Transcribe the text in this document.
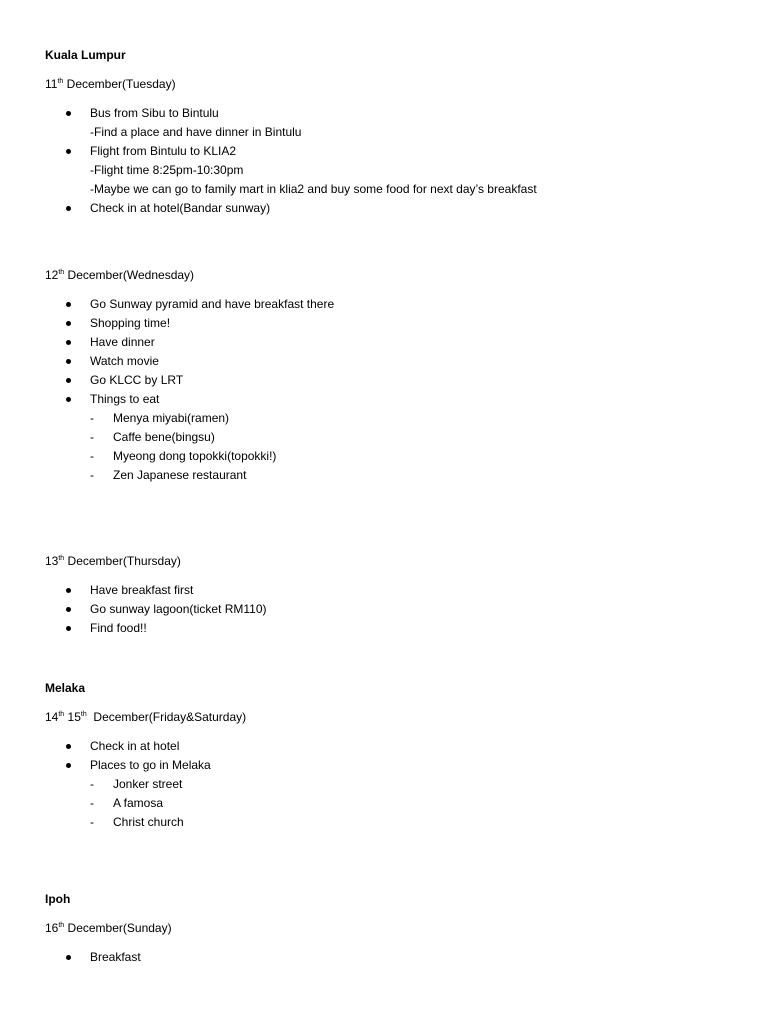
Kuala Lumpur
11th December(Tuesday)
Bus from Sibu to Bintulu
-Find a place and have dinner in Bintulu
Flight from Bintulu to KLIA2
-Flight time 8:25pm-10:30pm
-Maybe we can go to family mart in klia2 and buy some food for next day’s breakfast
Check in at hotel(Bandar sunway)
12th December(Wednesday)
Go Sunway pyramid and have breakfast there
Shopping time!
Have dinner
Watch movie
Go KLCC by LRT
Things to eat
- Menya miyabi(ramen)
- Caffe bene(bingsu)
- Myeong dong topokki(topokki!)
- Zen Japanese restaurant
13th December(Thursday)
Have breakfast first
Go sunway lagoon(ticket RM110)
Find food!!
Melaka
14th 15th  December(Friday&Saturday)
Check in at hotel
Places to go in Melaka
- Jonker street
- A famosa
- Christ church
Ipoh
16th December(Sunday)
Breakfast
